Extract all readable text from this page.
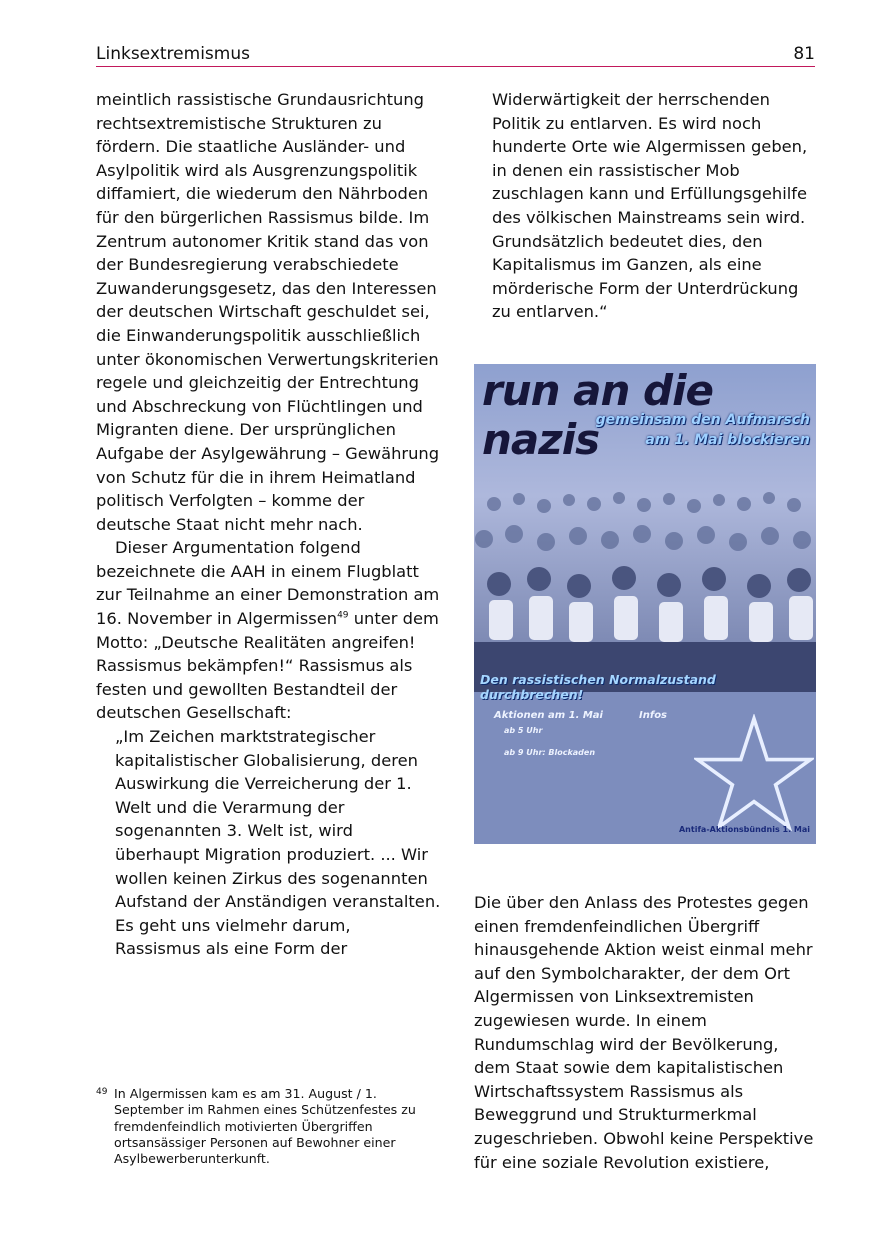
Linksextremismus	81

meintlich rassistische Grundausrichtung rechtsextremistische Strukturen zu fördern. Die staatliche Ausländer- und Asylpolitik wird als Ausgrenzungspolitik diffamiert, die wiederum den Nährboden für den bürgerlichen Rassismus bilde. Im Zentrum autonomer Kritik stand das von der Bundesregierung verabschiedete Zuwanderungsgesetz, das den Interessen der deutschen Wirtschaft geschuldet sei, die Einwanderungspolitik ausschließlich unter ökonomischen Verwertungskriterien regele und gleichzeitig der Entrechtung und Abschreckung von Flüchtlingen und Migranten diene. Der ursprünglichen Aufgabe der Asylgewährung – Gewährung von Schutz für die in ihrem Heimatland politisch Verfolgten – komme der deutsche Staat nicht mehr nach.

Dieser Argumentation folgend bezeichnete die AAH in einem Flugblatt zur Teilnahme an einer Demonstration am 16. November in Algermissen$^{49}$ unter dem Motto: „Deutsche Realitäten angreifen! Rassismus bekämpfen!“ Rassismus als festen und gewollten Bestandteil der deutschen Gesellschaft:

„Im Zeichen marktstrategischer kapitalistischer Globalisierung, deren Auswirkung die Verreicherung der 1. Welt und die Verarmung der sogenannten 3. Welt ist, wird überhaupt Migration produziert. ... Wir wollen keinen Zirkus des sogenannten Aufstand der Anständigen veranstalten. Es geht uns vielmehr darum, Rassismus als eine Form der

Widerwärtigkeit der herrschenden Politik zu entlarven. Es wird noch hunderte Orte wie Algermissen geben, in denen ein rassistischer Mob zuschlagen kann und Erfüllungsgehilfe des völkischen Mainstreams sein wird. Grundsätzlich bedeutet dies, den Kapitalismus im Ganzen, als eine mörderische Form der Unterdrückung zu entlarven.“

run an die nazis
gemeinsam den Aufmarsch
am 1. Mai blockieren
Den rassistischen Normalzustand durchbrechen!
Aktionen am 1. Mai	Infos
ab 5 Uhr
ab 9 Uhr: Blockaden
Antifa-Aktionsbündnis 1. Mai

Die über den Anlass des Protestes gegen einen fremdenfeindlichen Übergriff hinausgehende Aktion weist einmal mehr auf den Symbolcharakter, der dem Ort Algermissen von Linksextremisten zugewiesen wurde. In einem Rundumschlag wird der Bevölkerung, dem Staat sowie dem kapitalistischen Wirtschaftssystem Rassismus als Beweggrund und Strukturmerkmal zugeschrieben. Obwohl keine Perspektive für eine soziale Revolution existiere,

49 In Algermissen kam es am 31. August / 1. September im Rahmen eines Schützenfestes zu fremdenfeindlich motivierten Übergriffen ortsansässiger Personen auf Bewohner einer Asylbewerberunterkunft.
